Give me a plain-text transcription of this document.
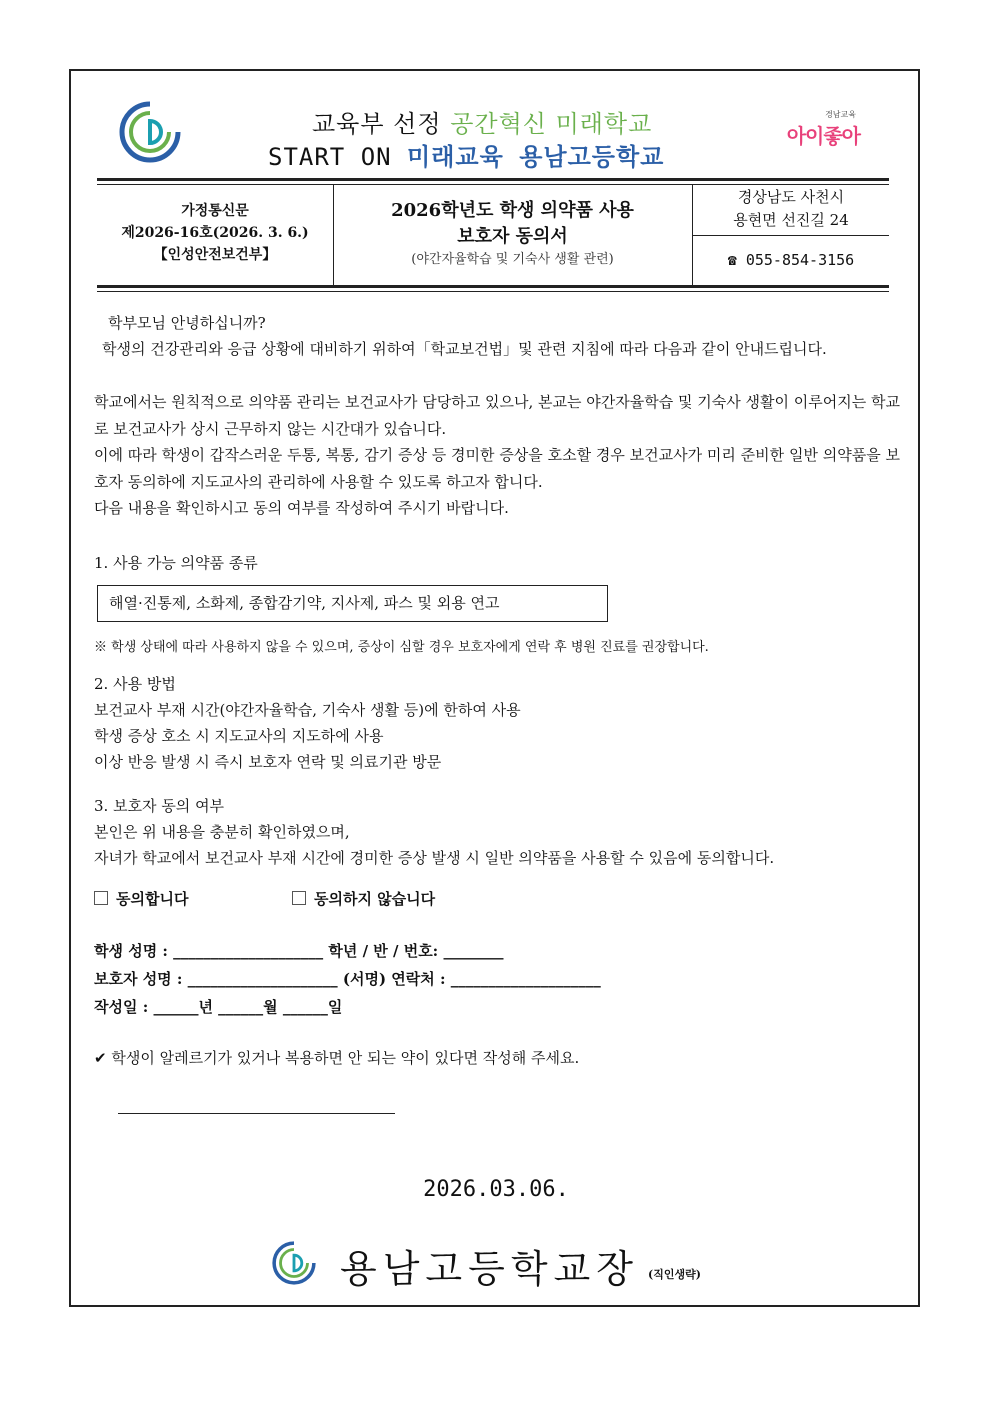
교육부 선정 공간혁신 미래학교
START ON 미래교육 용남고등학교
경남교육
아이좋아
가정통신문
제2026-16호(2026. 3. 6.)
【인성안전보건부】
2026학년도 학생 의약품 사용
보호자 동의서
(야간자율학습 및 기숙사 생활 관련)
경상남도 사천시
용현면 선진길 24
☎ 055-854-3156
학부모님 안녕하십니까?
학생의 건강관리와 응급 상황에 대비하기 위하여「학교보건법」및 관련 지침에 따라 다음과 같이 안내드립니다.
학교에서는 원칙적으로 의약품 관리는 보건교사가 담당하고 있으나, 본교는 야간자율학습 및 기숙사 생활이 이루어지는 학교로 보건교사가 상시 근무하지 않는 시간대가 있습니다.
이에 따라 학생이 갑작스러운 두통, 복통, 감기 증상 등 경미한 증상을 호소할 경우 보건교사가 미리 준비한 일반 의약품을 보호자 동의하에 지도교사의 관리하에 사용할 수 있도록 하고자 합니다.
다음 내용을 확인하시고 동의 여부를 작성하여 주시기 바랍니다.
1. 사용 가능 의약품 종류
해열·진통제, 소화제, 종합감기약, 지사제, 파스 및 외용 연고
※ 학생 상태에 따라 사용하지 않을 수 있으며, 증상이 심할 경우 보호자에게 연락 후 병원 진료를 권장합니다.
2. 사용 방법
보건교사 부재 시간(야간자율학습, 기숙사 생활 등)에 한하여 사용
학생 증상 호소 시 지도교사의 지도하에 사용
이상 반응 발생 시 즉시 보호자 연락 및 의료기관 방문
3. 보호자 동의 여부
본인은 위 내용을 충분히 확인하였으며,
자녀가 학교에서 보건교사 부재 시간에 경미한 증상 발생 시 일반 의약품을 사용할 수 있음에 동의합니다.
동의합니다	동의하지 않습니다
학생 성명 : ____________________ 학년 / 반 / 번호: ________
보호자 성명 : ____________________ (서명) 연락처 : ____________________
작성일 : ______년 ______월 ______일
✔ 학생이 알레르기가 있거나 복용하면 안 되는 약이 있다면 작성해 주세요.
2026.03.06.
용남고등학교장 (직인생략)
